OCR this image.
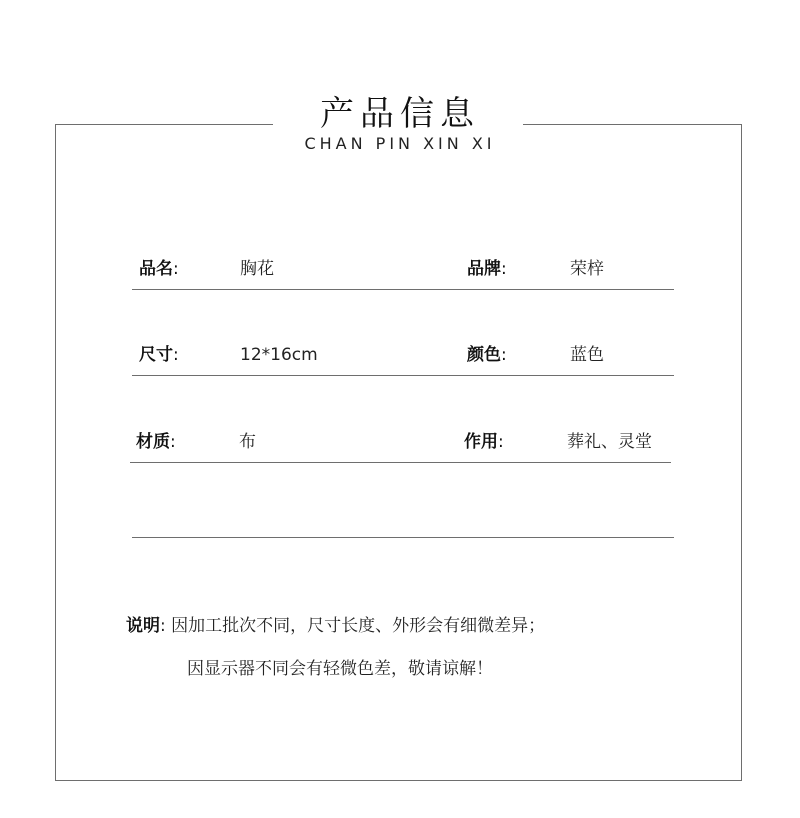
产品信息
CHAN PIN XIN XI
品名:	胸花	品牌:	荣梓
尺寸:	12*16cm	颜色:	蓝色
材质:	布	作用:	葬礼、灵堂
说明: 因加工批次不同，尺寸长度、外形会有细微差异；
因显示器不同会有轻微色差，敬请谅解！
